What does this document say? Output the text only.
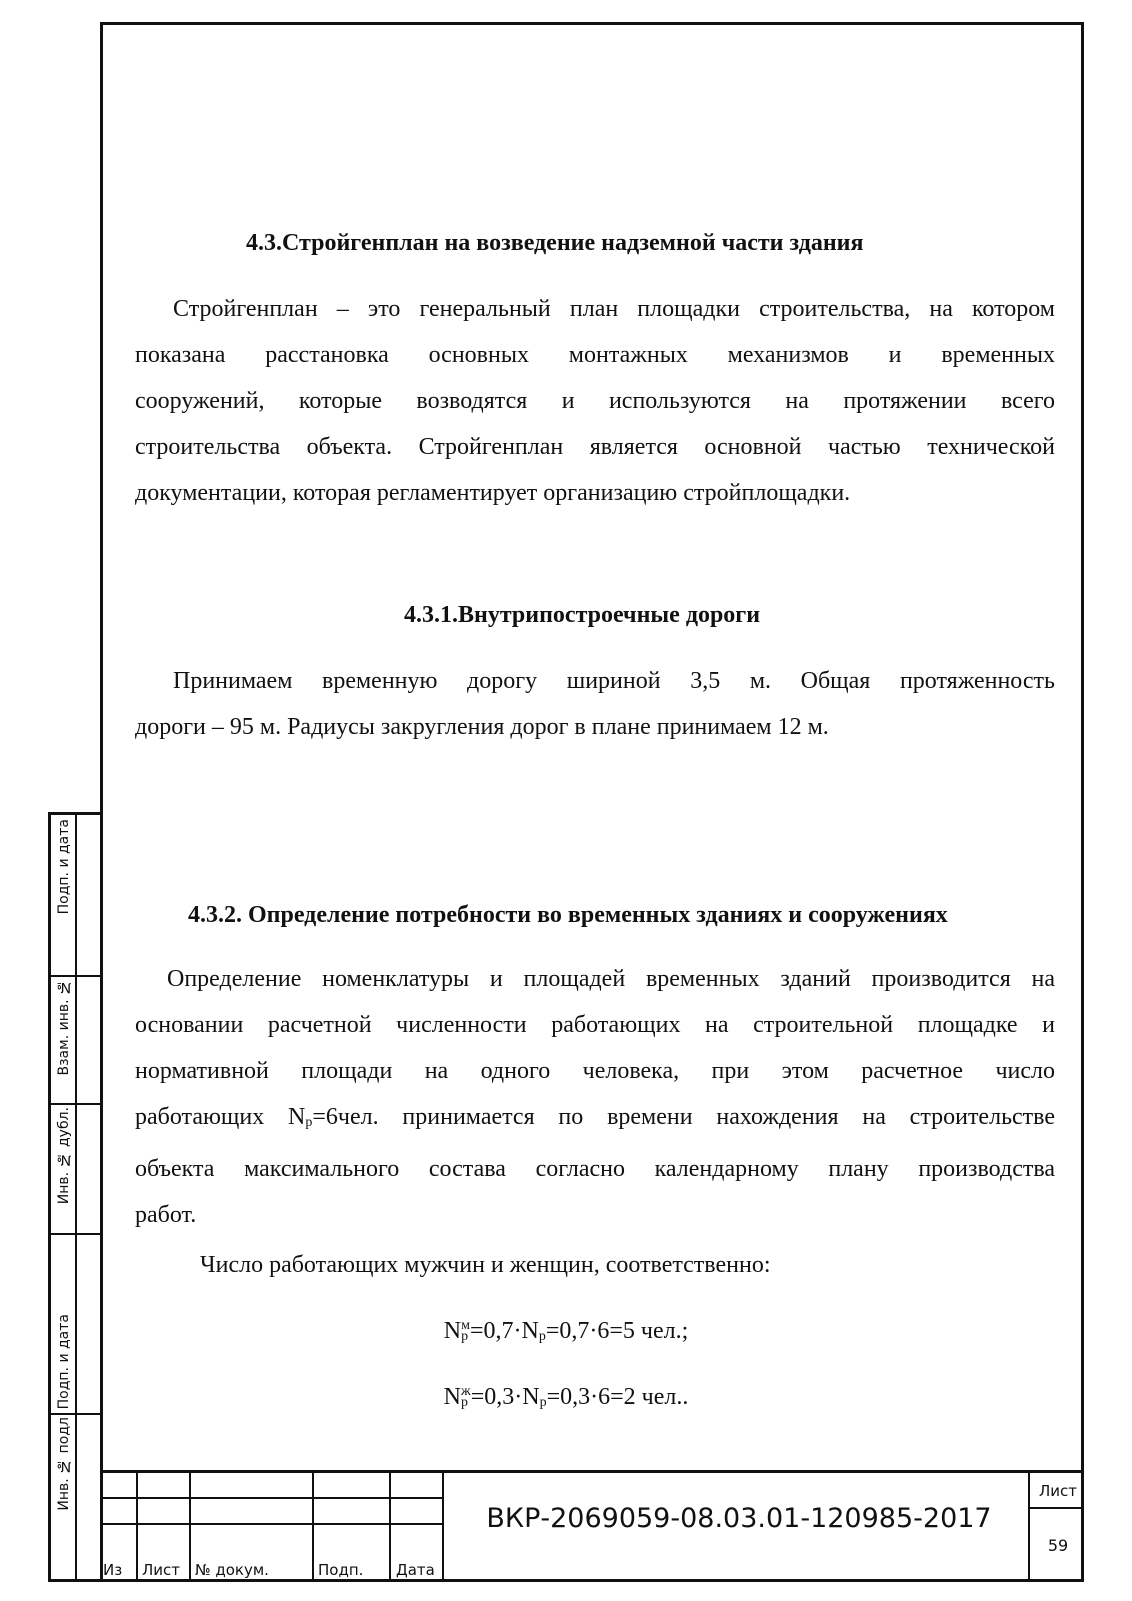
4.3.Стройгенплан на возведение надземной части здания
Стройгенплан – это генеральный план площадки строительства, на котором
показана расстановка основных монтажных механизмов и временных
сооружений, которые возводятся и используются на протяжении всего
строительства объекта. Стройгенплан является основной частью технической
документации, которая регламентирует организацию стройплощадки.
4.3.1.Внутрипостроечные дороги
Принимаем временную дорогу шириной 3,5 м. Общая протяженность
дороги – 95 м. Радиусы закругления дорог в плане принимаем 12 м.
4.3.2. Определение потребности во временных зданиях и сооружениях
Определение номенклатуры и площадей временных зданий производится на
основании расчетной численности работающих на строительной площадке и
нормативной площади на одного человека, при этом расчетное число
работающих Nр=6чел. принимается по времени нахождения на строительстве
объекта максимального состава согласно календарному плану производства
работ.
Число работающих мужчин и женщин, соответственно:
$Nр^м=0,7\cdot Nр=0,7\cdot 6=5$ чел.;
$Nр^ж=0,3\cdot Nр=0,3\cdot 6=2$ чел..
Подп. и дата
Взам. инв. №
Инв. № дубл.
Подп. и дата
Инв. № подл
Из Лист № докум.	Подп. Дата
ВКР-2069059-08.03.01-120985-2017
Лист
59
